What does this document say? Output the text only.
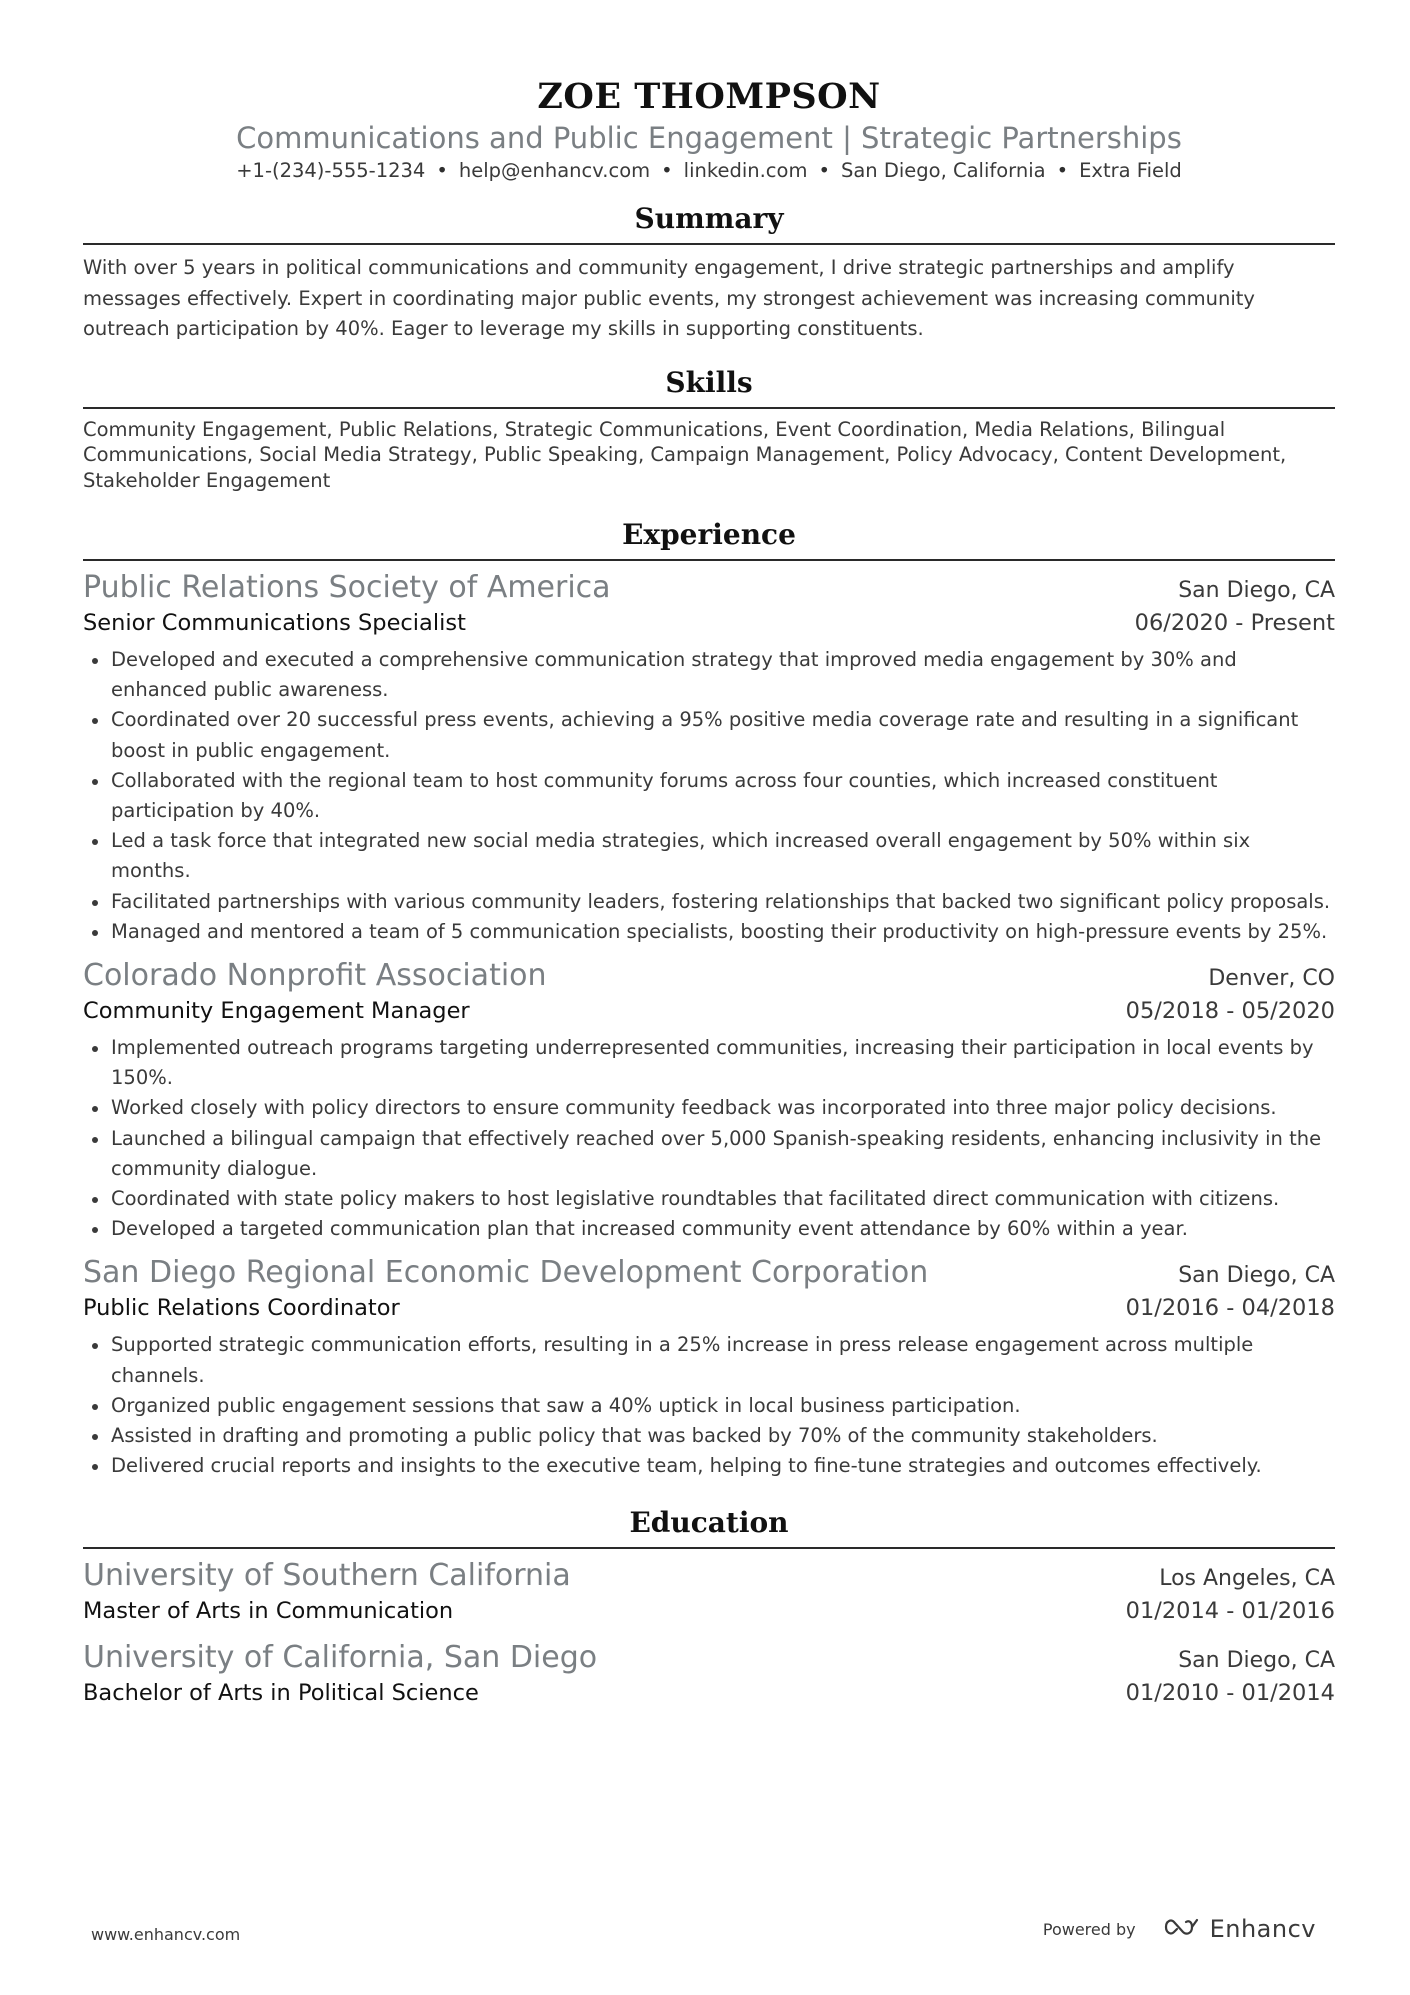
ZOE THOMPSON
Communications and Public Engagement | Strategic Partnerships
+1-(234)-555-1234 • help@enhancv.com • linkedin.com • San Diego, California • Extra Field
Summary

With over 5 years in political communications and community engagement, I drive strategic partnerships and amplify messages effectively. Expert in coordinating major public events, my strongest achievement was increasing community outreach participation by 40%. Eager to leverage my skills in supporting constituents.

Skills

Community Engagement, Public Relations, Strategic Communications, Event Coordination, Media Relations, Bilingual Communications, Social Media Strategy, Public Speaking, Campaign Management, Policy Advocacy, Content Development, Stakeholder Engagement

Experience
Public Relations Society of America	San Diego, CA
Senior Communications Specialist	06/2020 - Present
Developed and executed a comprehensive communication strategy that improved media engagement by 30% and enhanced public awareness.
Coordinated over 20 successful press events, achieving a 95% positive media coverage rate and resulting in a significant boost in public engagement.
Collaborated with the regional team to host community forums across four counties, which increased constituent participation by 40%.
Led a task force that integrated new social media strategies, which increased overall engagement by 50% within six months.
Facilitated partnerships with various community leaders, fostering relationships that backed two significant policy proposals.
Managed and mentored a team of 5 communication specialists, boosting their productivity on high-pressure events by 25%.
Colorado Nonprofit Association	Denver, CO
Community Engagement Manager	05/2018 - 05/2020
Implemented outreach programs targeting underrepresented communities, increasing their participation in local events by 150%.
Worked closely with policy directors to ensure community feedback was incorporated into three major policy decisions.
Launched a bilingual campaign that effectively reached over 5,000 Spanish-speaking residents, enhancing inclusivity in the community dialogue.
Coordinated with state policy makers to host legislative roundtables that facilitated direct communication with citizens.
Developed a targeted communication plan that increased community event attendance by 60% within a year.
San Diego Regional Economic Development Corporation	San Diego, CA
Public Relations Coordinator	01/2016 - 04/2018
Supported strategic communication efforts, resulting in a 25% increase in press release engagement across multiple channels.
Organized public engagement sessions that saw a 40% uptick in local business participation.
Assisted in drafting and promoting a public policy that was backed by 70% of the community stakeholders.
Delivered crucial reports and insights to the executive team, helping to fine-tune strategies and outcomes effectively.
Education
University of Southern California	Los Angeles, CA
Master of Arts in Communication	01/2014 - 01/2016
University of California, San Diego	San Diego, CA
Bachelor of Arts in Political Science	01/2010 - 01/2014
www.enhancv.com	Powered by	Enhancv
